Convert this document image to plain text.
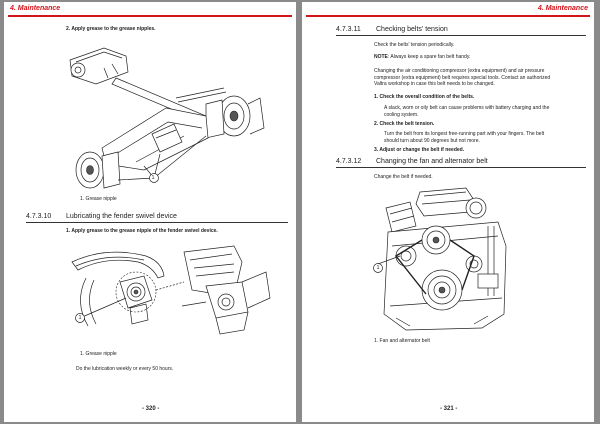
4. Maintenance
2. Apply grease to the grease nipples.
1
1. Grease nipple
4.7.3.10 Lubricating the fender swivel device
1. Apply grease to the grease nipple of the fender swivel device.
1
1. Grease nipple
Do the lubrication weekly or every 50 hours.
- 320 -
4. Maintenance
4.7.3.11 Checking belts' tension
Check the belts' tension periodically.
NOTE: Always keep a spare fan belt handy.
Changing the air conditioning compressor (extra equipment) and air pressure
compressor (extra equipment) belt requires special tools. Contact an authorized
Valtra workshop in case this belt needs to be changed.
1. Check the overall condition of the belts.
A slack, worn or oily belt can cause problems with battery charging and the
cooling system.
2. Check the belt tension.
Turn the belt from its longest free-running part with your fingers. The belt
should turn about 90 degrees but not more.
3. Adjust or change the belt if needed.
4.7.3.12 Changing the fan and alternator belt
Change the belt if needed.
1
1. Fan and alternator belt
- 321 -
